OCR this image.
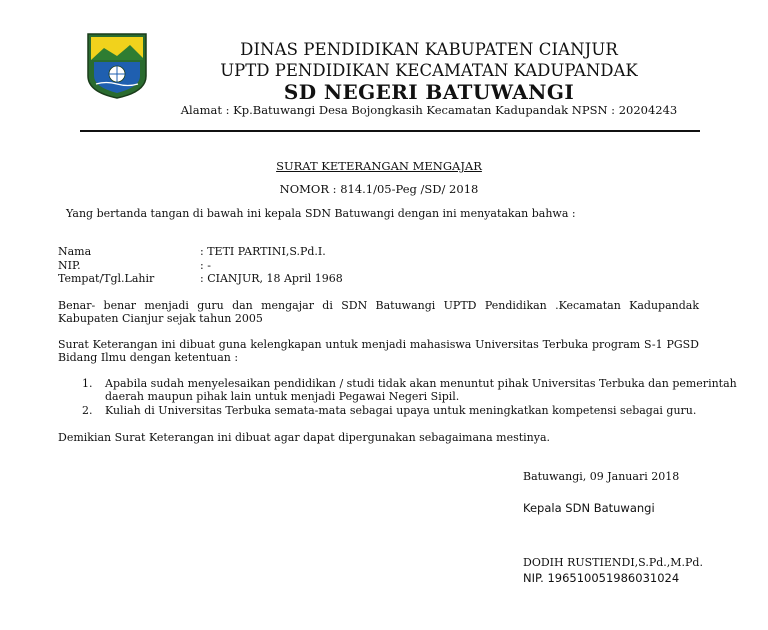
DINAS PENDIDIKAN KABUPATEN CIANJUR
UPTD PENDIDIKAN KECAMATAN KADUPANDAK
SD NEGERI BATUWANGI
Alamat : Kp.Batuwangi Desa Bojongkasih Kecamatan Kadupandak NPSN : 20204243
SURAT KETERANGAN MENGAJAR
NOMOR : 814.1/05-Peg /SD/ 2018
Yang bertanda tangan di bawah ini kepala SDN Batuwangi dengan ini menyatakan bahwa :
Nama	: TETI PARTINI,S.Pd.I.
NIP.	: -
Tempat/Tgl.Lahir	: CIANJUR, 18 April 1968
Benar- benar menjadi guru dan mengajar di SDN Batuwangi UPTD Pendidikan .Kecamatan Kadupandak Kabupaten Cianjur sejak tahun 2005
Surat Keterangan ini dibuat guna kelengkapan untuk menjadi mahasiswa Universitas Terbuka program S-1 PGSD Bidang Ilmu dengan ketentuan :
1. Apabila sudah menyelesaikan pendidikan / studi tidak akan menuntut pihak Universitas Terbuka dan pemerintah
daerah maupun pihak lain untuk menjadi Pegawai Negeri Sipil.
2. Kuliah di Universitas Terbuka semata-mata sebagai upaya untuk meningkatkan kompetensi sebagai guru.
Demikian Surat Keterangan ini dibuat agar dapat dipergunakan sebagaimana mestinya.
Batuwangi, 09 Januari 2018
Kepala SDN Batuwangi
DODIH RUSTIENDI,S.Pd.,M.Pd.
NIP. 196510051986031024
